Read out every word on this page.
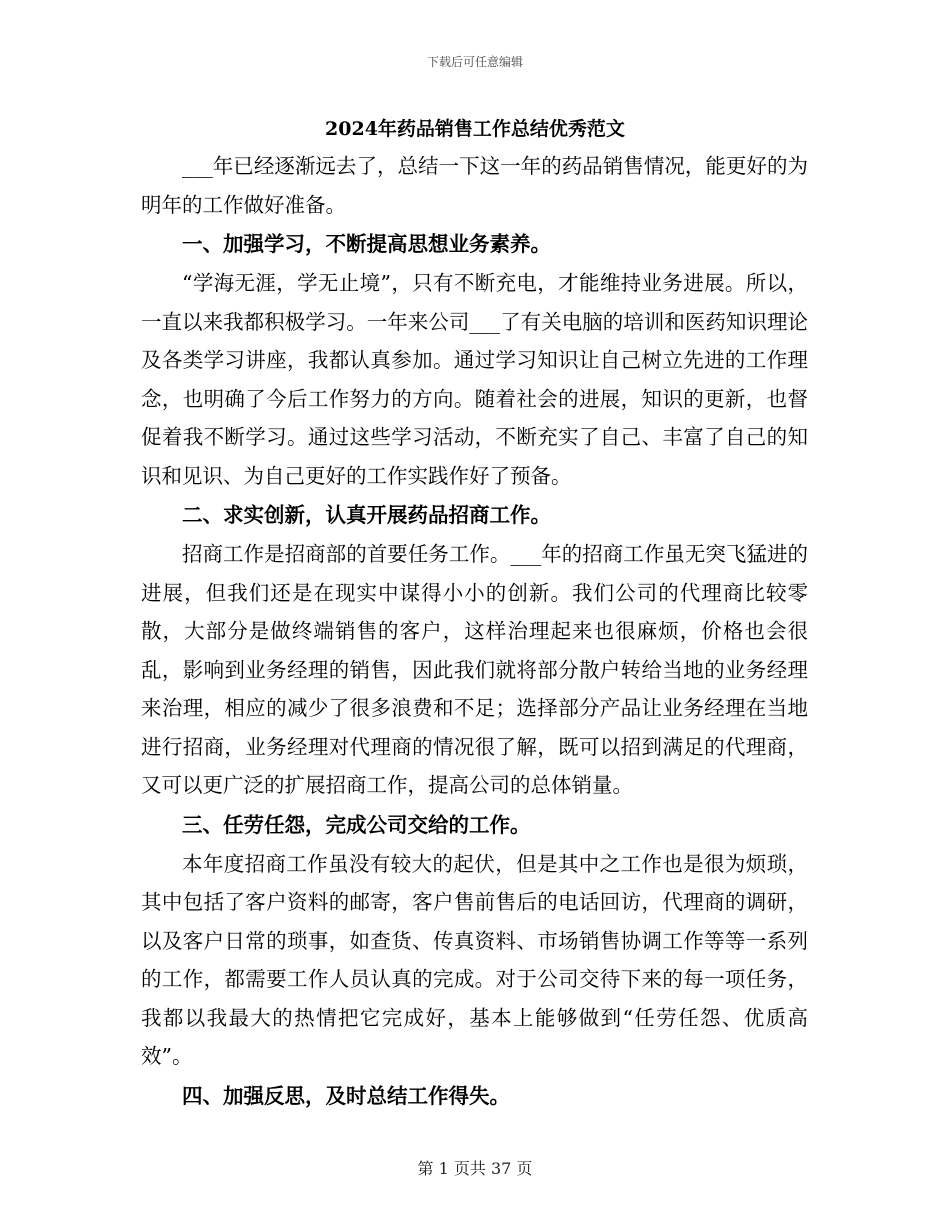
下载后可任意编辑
2024年药品销售工作总结优秀范文

___年已经逐渐远去了，总结一下这一年的药品销售情况，能更好的为明年的工作做好准备。

一、加强学习，不断提高思想业务素养。

“学海无涯，学无止境”，只有不断充电，才能维持业务进展。所以，一直以来我都积极学习。一年来公司___了有关电脑的培训和医药知识理论及各类学习讲座，我都认真参加。通过学习知识让自己树立先进的工作理念，也明确了今后工作努力的方向。随着社会的进展，知识的更新，也督促着我不断学习。通过这些学习活动，不断充实了自己、丰富了自己的知识和见识、为自己更好的工作实践作好了预备。

二、求实创新，认真开展药品招商工作。

招商工作是招商部的首要任务工作。___年的招商工作虽无突飞猛进的进展，但我们还是在现实中谋得小小的创新。我们公司的代理商比较零散，大部分是做终端销售的客户，这样治理起来也很麻烦，价格也会很乱，影响到业务经理的销售，因此我们就将部分散户转给当地的业务经理来治理，相应的减少了很多浪费和不足；选择部分产品让业务经理在当地进行招商，业务经理对代理商的情况很了解，既可以招到满足的代理商，又可以更广泛的扩展招商工作，提高公司的总体销量。

三、任劳任怨，完成公司交给的工作。

本年度招商工作虽没有较大的起伏，但是其中之工作也是很为烦琐，其中包括了客户资料的邮寄，客户售前售后的电话回访，代理商的调研，以及客户日常的琐事，如查货、传真资料、市场销售协调工作等等一系列的工作，都需要工作人员认真的完成。对于公司交待下来的每一项任务，我都以我最大的热情把它完成好，基本上能够做到“任劳任怨、优质高效”。

四、加强反思，及时总结工作得失。
第 1 页共 37 页
